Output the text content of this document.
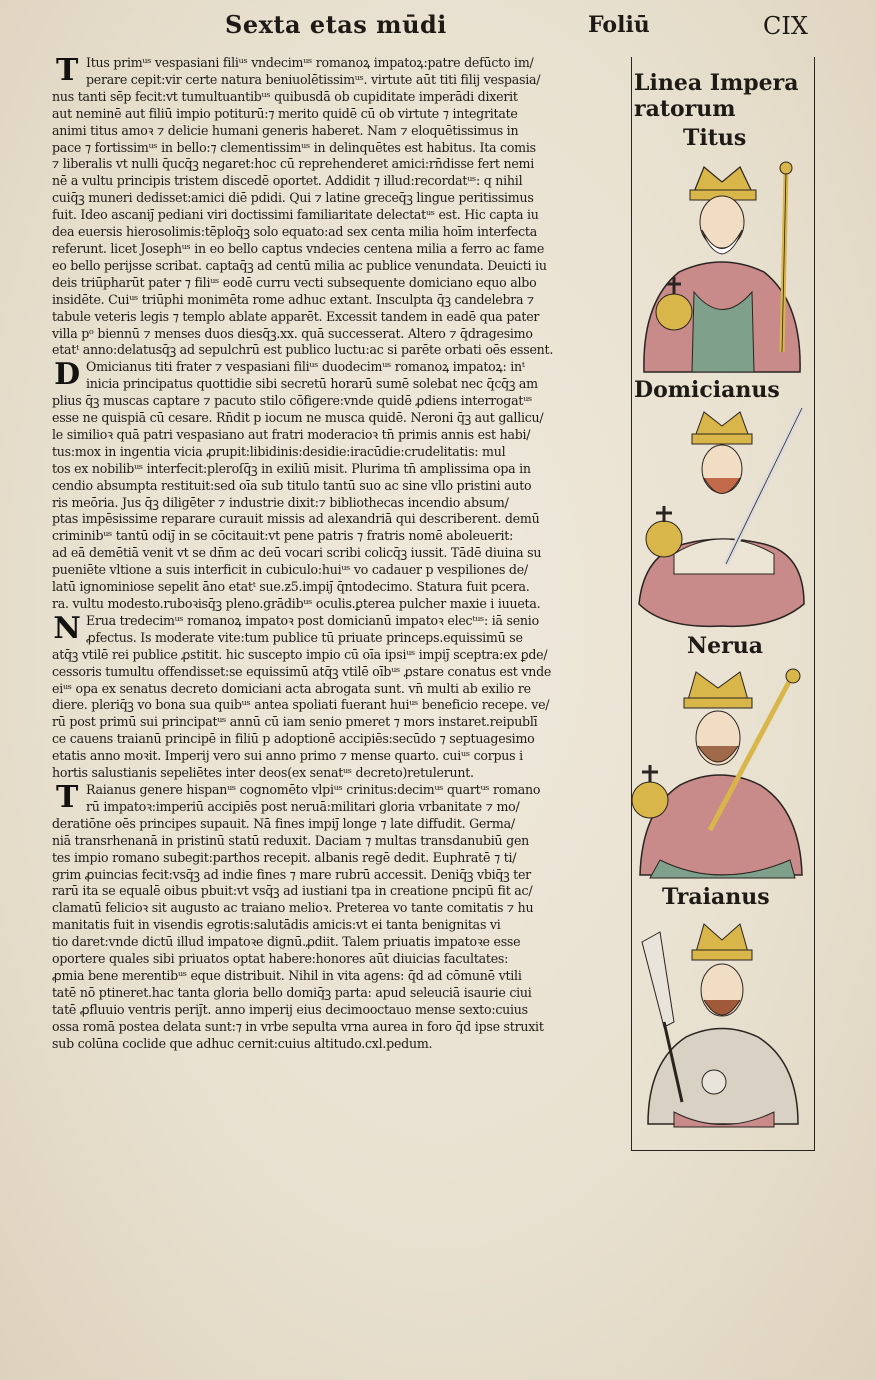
Sexta etas mūdi	Foliū	CIX
T Itus primᵘˢ vespasiani filiᵘˢ vndecimᵘˢ romanoꝝ impatoꝝ:patre defūcto im/
perare cepit:vir certe natura beniuolētissimᵘˢ. virtute aūt titi filij vespasia/
nus tanti sēp fecit:vt tumultuantibᵘˢ quibusdā ob cupiditate imperādi dixerit
aut neminē aut filiū impio potiturū:⁊ merito quidē cū ob virtute ⁊ integritate
animi titus amoꝛ ⁊ delicie humani generis haberet. Nam ⁊ eloquētissimus in
pace ⁊ fortissimᵘˢ in bello:⁊ clementissimᵘˢ in delinquētes est habitus. Ita comis
⁊ liberalis vt nulli q̄ucq̄ꝫ negaret:hoc cū reprehenderet amici:rn̄disse fert nemi
nē a vultu principis tristem discedē oportet. Addidit ⁊ illud:recordatᵘˢ: q nihil
cuiq̄ꝫ muneri dedisset:amici diē pdidi. Qui ⁊ latine greceq̄ꝫ lingue peritissimus
fuit. Ideo ascaniȷ̄ pediani viri doctissimi familiaritate delectatᵘˢ est. Hic capta iu
dea euersis hierosolimis:tēploq̄ꝫ solo equato:ad sex centa milia hoīm interfecta
referunt. licet Josephᵘˢ in eo bello captus vndecies centena milia a ferro ac fame
eo bello perijsse scribat. captaq̄ꝫ ad centū milia ac publice venundata. Deuicti iu
deis triūpharūt pater ⁊ filiᵘˢ eodē curru vecti subsequente domiciano equo albo
insidēte. Cuiᵘˢ triūphi monimēta rome adhuc extant. Insculpta q̄ꝫ candelebra ⁊
tabule veteris legis ⁊ templo ablate apparēt. Excessit tandem in eadē qua pater
villa pᵒ biennū ⁊ menses duos diesq̄ꝫ.xx. quā successerat. Altero ⁊ q̄dragesimo
etatᵗ anno:delatusq̄ꝫ ad sepulchrū est publico luctu:ac si parēte orbati oēs essent.
D Omicianus titi frater ⁊ vespasiani filiᵘˢ duodecimᵘˢ romanoꝝ impatoꝝ: inᵗ
inicia principatus quottidie sibi secretū horarū sumē solebat nec q̄cq̄ꝫ am
plius q̄ꝫ muscas captare ⁊ pacuto stilo cōfigere:vnde quidē ꝓdiens interrogatᵘˢ
esse ne quispiā cū cesare. Rn̄dit p iocum ne musca quidē. Neroni q̄ꝫ aut gallicu/
le similioꝛ quā patri vespasiano aut fratri moderacioꝛ tn̄ primis annis est habi/
tus:mox in ingentia vicia ꝓrupit:libidinis:desidie:iracūdie:crudelitatis: mul
tos ex nobilibᵘˢ interfecit:pleroſq̄ꝫ in exiliū misit. Plurima tn̄ amplissima opa in
cendio absumpta restituit:sed oīa sub titulo tantū suo ac sine vllo pristini auto
ris meōria. Jus q̄ꝫ diligēter ⁊ industrie dixit:⁊ bibliothecas incendio absum/
ptas impēsissime reparare curauit missis ad alexandriā qui describerent. demū
criminibᵘˢ tantū odiȷ̄ in se cōcitauit:vt pene patris ⁊ fratris nomē aboleuerit:
ad eā demētiā venit vt se dn̄m ac deū vocari scribi colicq̄ꝫ iussit. Tādē diuina su
pueniēte vltione a suis interficit in cubiculo:huiᵘˢ vo cadauer p vespiliones de/
latū ignominiose sepelit āno etatᵗ sue.ƶ5.impiȷ̄ q̄ntodecimo. Statura fuit pcera.
ra. vultu modesto.ruboꝛisq̄ꝫ pleno.grādibᵘˢ oculis.ꝑterea pulcher maxie i iuueta.
N Erua tredecimᵘˢ romanoꝝ impatoꝛ post domicianū impatoꝛ elecᵗᵘˢ: iā senio
ꝓfectus. Is moderate vite:tum publice tū priuate princeps.equissimū se
atq̄ꝫ vtilē rei publice ꝓstitit. hic suscepto impio cū oīa ipsiᵘˢ impiȷ̄ sceptra:ex ꝑde/
cessoris tumultu offendisset:se equissimū atq̄ꝫ vtilē oībᵘˢ ꝓstare conatus est vnde
eiᵘˢ opa ex senatus decreto domiciani acta abrogata sunt. vn̄ multi ab exilio re
diere. pleriq̄ꝫ vo bona sua quibᵘˢ antea spoliati fuerant huiᵘˢ beneficio recepe. ve/
rū post primū sui principatᵘˢ annū cū iam senio pmeret ⁊ mors instaret.reipublī
ce cauens traianū principē in filiū p adoptionē accipiēs:secūdo ⁊ septuagesimo
etatis anno moꝛit. Imperij vero sui anno primo ⁊ mense quarto. cuiᵘˢ corpus i
hortis salustianis sepeliētes inter deos(ex senatᵘˢ decreto)retulerunt.
T Raianus genere hispanᵘˢ cognomēto vlpiᵘˢ crinitus:decimᵘˢ quartᵘˢ romano
rū impatoꝛ:imperiū accipiēs post neruā:militari gloria vrbanitate ⁊ mo/
deratiōne oēs principes supauit. Nā fines impiȷ̄ longe ⁊ late diffudit. Germa/
niā transrhenanā in pristinū statū reduxit. Daciam ⁊ multas transdanubiū gen
tes impio romano subegit:parthos recepit. albanis regē dedit. Euphratē ⁊ ti/
grim ꝓuincias fecit:vsq̄ꝫ ad indie fines ⁊ mare rubrū accessit. Deniq̄ꝫ vbiq̄ꝫ ter
rarū ita se equalē oibus pbuit:vt vsq̄ꝫ ad iustiani tpa in creatione pncipū fit ac/
clamatū felicioꝛ sit augusto ac traiano melioꝛ. Preterea vo tante comitatis ⁊ hu
manitatis fuit in visendis egrotis:salutādis amicis:vt ei tanta benignitas vi
tio daret:vnde dictū illud impatoꝛe dignū.ꝓdiit. Talem priuatis impatoꝛe esse
oportere quales sibi priuatos optat habere:honores aūt diuicias facultates:
ꝓmia bene merentibᵘˢ eque distribuit. Nihil in vita agens: q̄d ad cōmunē vtili
tatē nō ptineret.hac tanta gloria bello domiq̄ꝫ parta: apud seleuciā isaurie ciui
tatē ꝓfluuio ventris periȷ̄t. anno imperij eius decimooctauo mense sexto:cuius
ossa romā postea delata sunt:⁊ in vrbe sepulta vrna aurea in foro q̄d ipse struxit
sub colūna coclide que adhuc cernit:cuius altitudo.cxl.pedum.
Linea Impera
ratorum
Titus
Domicianus
Nerua
Traianus
